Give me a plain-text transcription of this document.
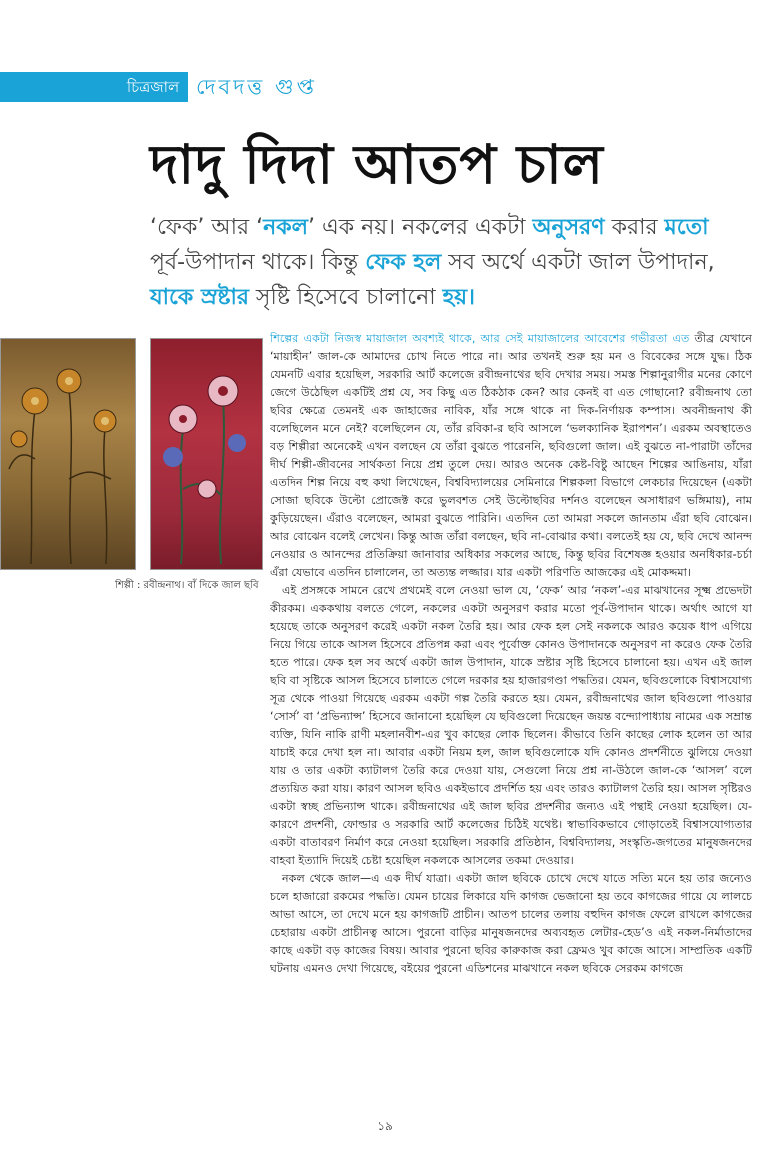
চিত্রজাল দেবদত্ত গুপ্ত
দাদু দিদা আতপ চাল
‘ফেক’ আর ‘নকল’ এক নয়। নকলের একটা অনুসরণ করার মতো পূর্ব-উপাদান থাকে। কিন্তু ফেক হল সব অর্থে একটা জাল উপাদান, যাকে স্রষ্টার সৃষ্টি হিসেবে চালানো হয়।
শিল্পী : রবীন্দ্রনাথ। বাঁ দিকে জাল ছবি

শিল্পের একটা নিজস্ব মায়াজাল অবশ্যই থাকে, আর সেই মায়াজালের আবেশের গভীরতা এত তীব্র যেখানে ‘মায়াহীন’ জাল-কে আমাদের চোখ নিতে পারে না। আর তখনই শুরু হয় মন ও বিবেকের সঙ্গে যুদ্ধ। ঠিক যেমনটি এবার হয়েছিল, সরকারি আর্ট কলেজে রবীন্দ্রনাথের ছবি দেখার সময়। সমস্ত শিল্পানুরাগীর মনের কোণে জেগে উঠেছিল একটিই প্রশ্ন যে, সব কিছু এত ঠিকঠাক কেন? আর কেনই বা এত গোছানো? রবীন্দ্রনাথ তো ছবির ক্ষেত্রে তেমনই এক জাহাজের নাবিক, যাঁর সঙ্গে থাকে না দিক-নির্ণায়ক কম্পাস। অবনীন্দ্রনাথ কী বলেছিলেন মনে নেই? বলেছিলেন যে, তাঁর রবিকা-র ছবি আসলে ‘ভলক্যানিক ইরাপশন’। এরকম অবস্থাতেও বড় শিল্পীরা অনেকেই এখন বলছেন যে তাঁরা বুঝতে পারেননি, ছবিগুলো জাল। এই বুঝতে না-পারাটা তাঁদের দীর্ঘ শিল্পী-জীবনের সার্থকতা নিয়ে প্রশ্ন তুলে দেয়। আরও অনেক কেষ্ট-বিষ্টু আছেন শিল্পের আঙিনায়, যাঁরা এতদিন শিল্প নিয়ে বহু কথা লিখেছেন, বিশ্ববিদ্যালয়ের সেমিনারে শিল্পকলা বিভাগে লেকচার দিয়েছেন (একটা সোজা ছবিকে উল্টো প্রোজেক্ট করে ভুলবশত সেই উল্টোছবির দর্শনও বলেছেন অসাধারণ ভঙ্গিমায়), নাম কুড়িয়েছেন। এঁরাও বলেছেন, আমরা বুঝতে পারিনি। এতদিন তো আমরা সকলে জানতাম এঁরা ছবি বোঝেন। আর বোঝেন বলেই লেখেন। কিন্তু আজ তাঁরা বলছেন, ছবি না-বোঝার কথা। বলতেই হয় যে, ছবি দেখে আনন্দ নেওয়ার ও আনন্দের প্রতিক্রিয়া জানাবার অধিকার সকলের আছে, কিন্তু ছবির বিশেষজ্ঞ হওয়ার অনধিকার-চর্চা এঁরা যেভাবে এতদিন চালালেন, তা অত্যন্ত লজ্জার। যার একটা পরিণতি আজকের এই মোকদ্দমা।

এই প্রসঙ্গকে সামনে রেখে প্রথমেই বলে নেওয়া ভাল যে, ‘ফেক’ আর ‘নকল’-এর মাঝখানের সূক্ষ্ম প্রভেদটা কীরকম। এককথায় বলতে গেলে, নকলের একটা অনুসরণ করার মতো পূর্ব-উপাদান থাকে। অর্থাৎ আগে যা হয়েছে তাকে অনুসরণ করেই একটা নকল তৈরি হয়। আর ফেক হল সেই নকলকে আরও কয়েক ধাপ এগিয়ে নিয়ে গিয়ে তাকে আসল হিসেবে প্রতিপন্ন করা এবং পূর্বোক্ত কোনও উপাদানকে অনুসরণ না করেও ফেক তৈরি হতে পারে। ফেক হল সব অর্থে একটা জাল উপাদান, যাকে স্রষ্টার সৃষ্টি হিসেবে চালানো হয়। এখন এই জাল ছবি বা সৃষ্টিকে আসল হিসেবে চালাতে গেলে দরকার হয় হাজারগণ্ডা পদ্ধতির। যেমন, ছবিগুলোকে বিশ্বাসযোগ্য সূত্র থেকে পাওয়া গিয়েছে এরকম একটা গল্প তৈরি করতে হয়। যেমন, রবীন্দ্রনাথের জাল ছবিগুলো পাওয়ার ‘সোর্স’ বা ‘প্রভিন্যান্স’ হিসেবে জানানো হয়েছিল যে ছবিগুলো দিয়েছেন জয়ন্ত বন্দ্যোপাধ্যায় নামের এক সম্রান্ত ব্যক্তি, যিনি নাকি রাণী মহলানবীশ-এর খুব কাছের লোক ছিলেন। কীভাবে তিনি কাছের লোক হলেন তা আর যাচাই করে দেখা হল না। আবার একটা নিয়ম হল, জাল ছবিগুলোকে যদি কোনও প্রদর্শনীতে ঝুলিয়ে দেওয়া যায় ও তার একটা ক্যাটালগ তৈরি করে দেওয়া যায়, সেগুলো নিয়ে প্রশ্ন না-উঠলে জাল-কে ‘আসল’ বলে প্রত্যয়িত করা যায়। কারণ আসল ছবিও একইভাবে প্রদর্শিত হয় এবং তারও ক্যাটালগ তৈরি হয়। আসল সৃষ্টিরও একটা স্বচ্ছ প্রভিন্যান্স থাকে। রবীন্দ্রনাথের এই জাল ছবির প্রদর্শনীর জন্যও এই পন্থাই নেওয়া হয়েছিল। যে-কারণে প্রদর্শনী, ফোল্ডার ও সরকারি আর্ট কলেজের চিঠিই যথেষ্ট। স্বাভাবিকভাবে গোড়াতেই বিশ্বাসযোগ্যতার একটা বাতাবরণ নির্মাণ করে নেওয়া হয়েছিল। সরকারি প্রতিষ্ঠান, বিশ্ববিদ্যালয়, সংস্কৃতি-জগতের মানুষজনদের বাহবা ইত্যাদি দিয়েই চেষ্টা হয়েছিল নকলকে আসলের তকমা দেওয়ার।

নকল থেকে জাল—এ এক দীর্ঘ যাত্রা। একটা জাল ছবিকে চোখে দেখে যাতে সত্যি মনে হয় তার জন্যেও চলে হাজারো রকমের পদ্ধতি। যেমন চায়ের লিকারে যদি কাগজ ভেজানো হয় তবে কাগজের গায়ে যে লালচে আভা আসে, তা দেখে মনে হয় কাগজটি প্রাচীন। আতপ চালের তলায় বহুদিন কাগজ ফেলে রাখলে কাগজের চেহারায় একটা প্রাচীনত্ব আসে। পুরনো বাড়ির মানুষজনদের অব্যবহৃত লেটার-হেড’ও এই নকল-নির্মাতাদের কাছে একটা বড় কাজের বিষয়। আবার পুরনো ছবির কারুকাজ করা ফ্রেমও খুব কাজে আসে। সাম্প্রতিক একটি ঘটনায় এমনও দেখা গিয়েছে, বইয়ের পুরনো এডিশনের মাঝখানে নকল ছবিকে সেরকম কাগজে

১৯
